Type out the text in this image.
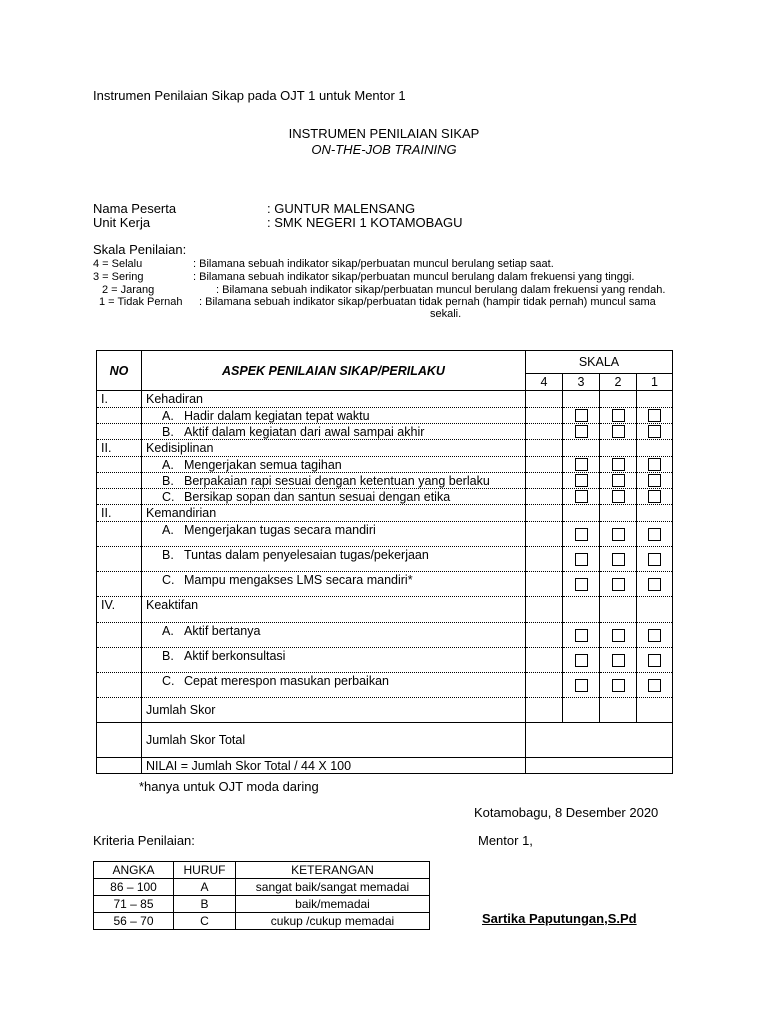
Instrumen Penilaian Sikap pada OJT 1 untuk Mentor 1
INSTRUMEN PENILAIAN SIKAP
ON-THE-JOB TRAINING
Nama Peserta	: GUNTUR MALENSANG
Unit Kerja	: SMK NEGERI 1 KOTAMOBAGU
Skala Penilaian:
4 = Selalu	: Bilamana sebuah indikator sikap/perbuatan muncul berulang setiap saat.
3 = Sering	: Bilamana sebuah indikator sikap/perbuatan muncul berulang dalam frekuensi yang tinggi.
2 = Jarang	: Bilamana sebuah indikator sikap/perbuatan muncul berulang dalam frekuensi yang rendah.
1 = Tidak Pernah : Bilamana sebuah indikator sikap/perbuatan tidak pernah (hampir tidak pernah) muncul sama
sekali.
NO	ASPEK PENILAIAN SIKAP/PERILAKU	SKALA			
		4	3	2	1
I.	Kehadiran				
	A. Hadir dalam kegiatan tepat waktu		

	B. Aktif dalam kegiatan dari awal sampai akhir		

II.	Kedisiplinan				
	A. Mengerjakan semua tagihan		

	B. Berpakaian rapi sesuai dengan ketentuan yang berlaku		

	C. Bersikap sopan dan santun sesuai dengan etika		

II.	Kemandirian				
	A. Mengerjakan tugas secara mandiri		

	B. Tuntas dalam penyelesaian tugas/pekerjaan		

	C. Mampu mengakses LMS secara mandiri*		

IV.	Keaktifan				
	A. Aktif bertanya		

	B. Aktif berkonsultasi		

	C. Cepat merespon masukan perbaikan		

	Jumlah Skor				
	Jumlah Skor Total				
	NILAI = Jumlah Skor Total / 44 X 100				
*hanya untuk OJT moda daring
Kotamobagu, 8 Desember 2020
Kriteria Penilaian:	Mentor 1,
ANGKA	HURUF	KETERANGAN
86 – 100	A	sangat baik/sangat memadai
71 – 85	B	baik/memadai
56 – 70	C	cukup /cukup memadai	Sartika Paputungan,S.Pd
